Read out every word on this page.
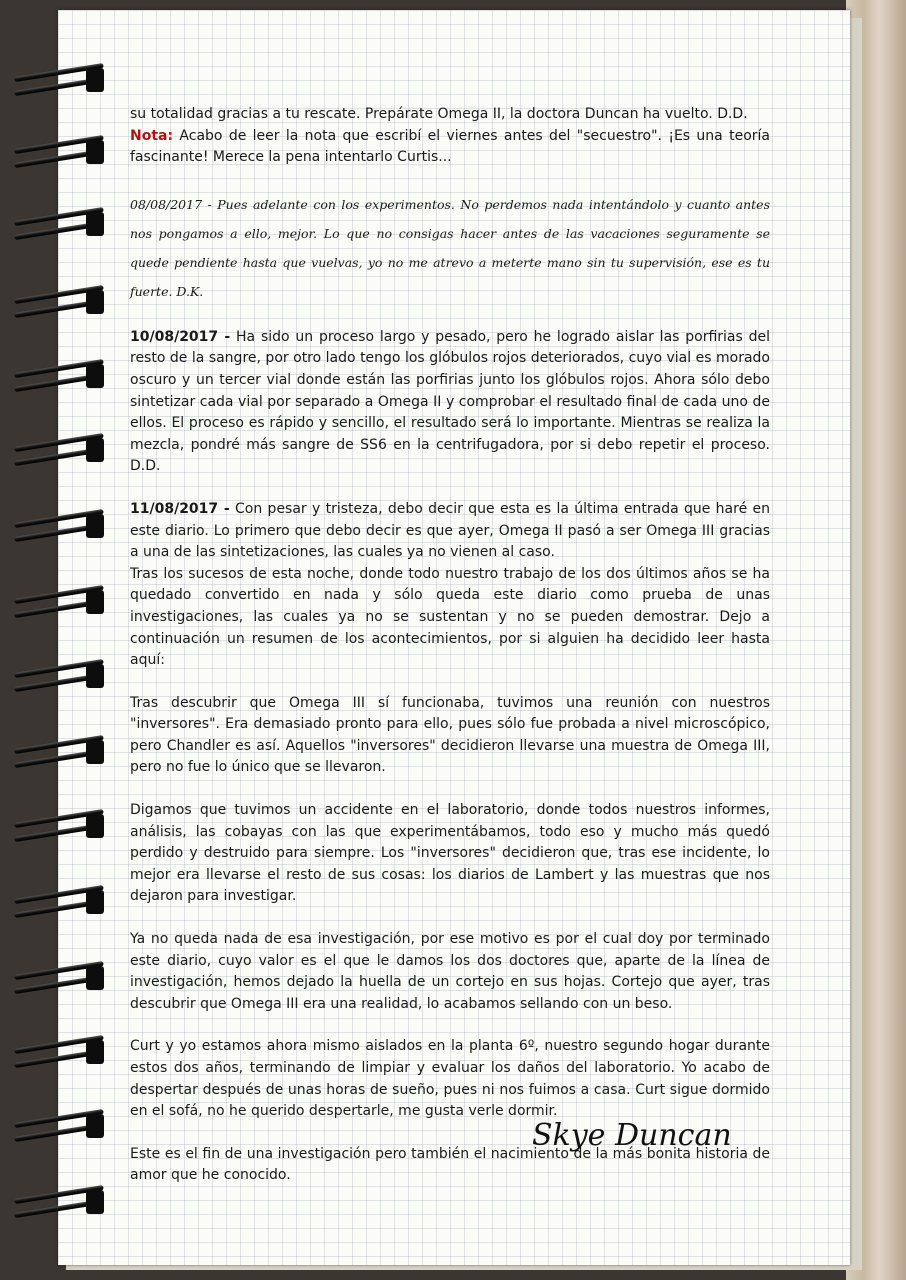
su totalidad gracias a tu rescate. Prepárate Omega II, la doctora Duncan ha vuelto. D.D.

Nota: Acabo de leer la nota que escribí el viernes antes del "secuestro". ¡Es una teoría fascinante! Merece la pena intentarlo Curtis...

08/08/2017 - Pues adelante con los experimentos. No perdemos nada intentándolo y cuanto antes nos pongamos a ello, mejor. Lo que no consigas hacer antes de las vacaciones seguramente se quede pendiente hasta que vuelvas, yo no me atrevo a meterte mano sin tu supervisión, ese es tu fuerte. D.K.

10/08/2017 - Ha sido un proceso largo y pesado, pero he logrado aislar las porfirias del resto de la sangre, por otro lado tengo los glóbulos rojos deteriorados, cuyo vial es morado oscuro y un tercer vial donde están las porfirias junto los glóbulos rojos. Ahora sólo debo sintetizar cada vial por separado a Omega II y comprobar el resultado final de cada uno de ellos. El proceso es rápido y sencillo, el resultado será lo importante. Mientras se realiza la mezcla, pondré más sangre de SS6 en la centrifugadora, por si debo repetir el proceso. D.D.

11/08/2017 - Con pesar y tristeza, debo decir que esta es la última entrada que haré en este diario. Lo primero que debo decir es que ayer, Omega II pasó a ser Omega III gracias a una de las sintetizaciones, las cuales ya no vienen al caso.

Tras los sucesos de esta noche, donde todo nuestro trabajo de los dos últimos años se ha quedado convertido en nada y sólo queda este diario como prueba de unas investigaciones, las cuales ya no se sustentan y no se pueden demostrar. Dejo a continuación un resumen de los acontecimientos, por si alguien ha decidido leer hasta aquí:

Tras descubrir que Omega III sí funcionaba, tuvimos una reunión con nuestros "inversores". Era demasiado pronto para ello, pues sólo fue probada a nivel microscópico, pero Chandler es así. Aquellos "inversores" decidieron llevarse una muestra de Omega III, pero no fue lo único que se llevaron.

Digamos que tuvimos un accidente en el laboratorio, donde todos nuestros informes, análisis, las cobayas con las que experimentábamos, todo eso y mucho más quedó perdido y destruido para siempre. Los "inversores" decidieron que, tras ese incidente, lo mejor era llevarse el resto de sus cosas: los diarios de Lambert y las muestras que nos dejaron para investigar.

Ya no queda nada de esa investigación, por ese motivo es por el cual doy por terminado este diario, cuyo valor es el que le damos los dos doctores que, aparte de la línea de investigación, hemos dejado la huella de un cortejo en sus hojas. Cortejo que ayer, tras descubrir que Omega III era una realidad, lo acabamos sellando con un beso.

Curt y yo estamos ahora mismo aislados en la planta 6º, nuestro segundo hogar durante estos dos años, terminando de limpiar y evaluar los daños del laboratorio. Yo acabo de despertar después de unas horas de sueño, pues ni nos fuimos a casa. Curt sigue dormido en el sofá, no he querido despertarle, me gusta verle dormir.

Este es el fin de una investigación pero también el nacimiento de la más bonita historia de amor que he conocido.

Skye Duncan
